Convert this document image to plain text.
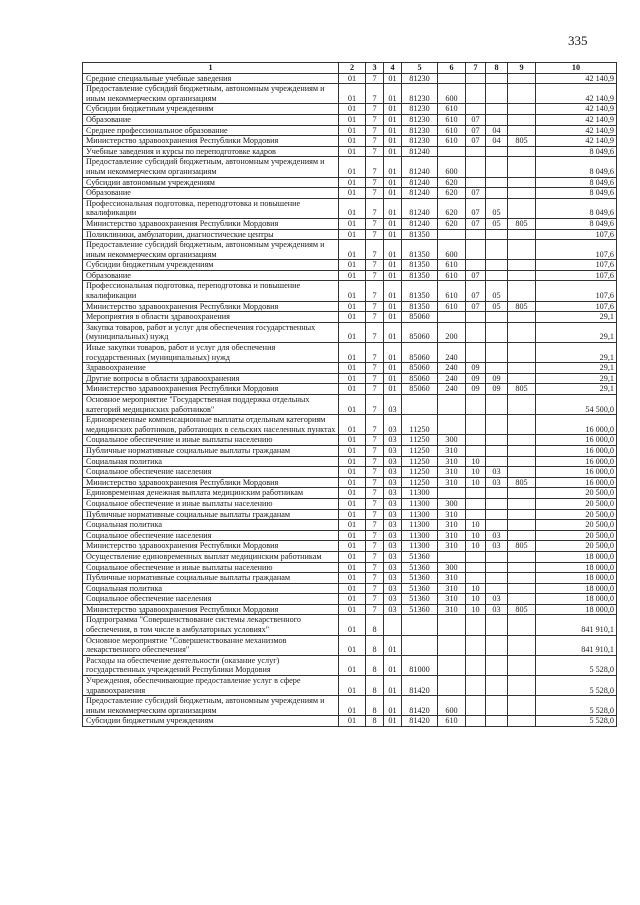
335
1	2	3	4	5	6	7	8	9	10
Средние специальные учебные заведения	01	7	01	81230					42 140,9
Предоставление субсидий бюджетным, автономным учреждениям и иным некоммерческим организациям	01	7	01	81230	600				42 140,9
Субсидии бюджетным учреждениям	01	7	01	81230	610				42 140,9
Образование	01	7	01	81230	610	07			42 140,9
Среднее профессиональное образование	01	7	01	81230	610	07	04		42 140,9
Министерство здравоохранения Республики Мордовия	01	7	01	81230	610	07	04	805	42 140,9
Учебные заведения и курсы по переподготовке кадров	01	7	01	81240					8 049,6
Предоставление субсидий бюджетным, автономным учреждениям и иным некоммерческим организациям	01	7	01	81240	600				8 049,6
Субсидии автономным учреждениям	01	7	01	81240	620				8 049,6
Образование	01	7	01	81240	620	07			8 049,6
Профессиональная подготовка, переподготовка и повышение квалификации	01	7	01	81240	620	07	05		8 049,6
Министерство здравоохранения Республики Мордовия	01	7	01	81240	620	07	05	805	8 049,6
Поликлиники, амбулатории, диагностические центры	01	7	01	81350					107,6
Предоставление субсидий бюджетным, автономным учреждениям и иным некоммерческим организациям	01	7	01	81350	600				107,6
Субсидии бюджетным учреждениям	01	7	01	81350	610				107,6
Образование	01	7	01	81350	610	07			107,6
Профессиональная подготовка, переподготовка и повышение квалификации	01	7	01	81350	610	07	05		107,6
Министерство здравоохранения Республики Мордовия	01	7	01	81350	610	07	05	805	107,6
Мероприятия в области здравоохранения	01	7	01	85060					29,1
Закупка товаров, работ и услуг для обеспечения государственных (муниципальных) нужд	01	7	01	85060	200				29,1
Иные закупки товаров, работ и услуг для обеспечения государственных (муниципальных) нужд	01	7	01	85060	240				29,1
Здравоохранение	01	7	01	85060	240	09			29,1
Другие вопросы в области здравоохранения	01	7	01	85060	240	09	09		29,1
Министерство здравоохранения Республики Мордовия	01	7	01	85060	240	09	09	805	29,1
Основное мероприятие "Государственная поддержка отдельных категорий медицинских работников"	01	7	03						54 500,0
Единовременные компенсационные выплаты отдельным категориям медицинских работников, работающих в сельских населенных пунктах	01	7	03	11250					16 000,0
Социальное обеспечение и иные выплаты населению	01	7	03	11250	300				16 000,0
Публичные нормативные социальные выплаты гражданам	01	7	03	11250	310				16 000,0
Социальная политика	01	7	03	11250	310	10			16 000,0
Социальное обеспечение населения	01	7	03	11250	310	10	03		16 000,0
Министерство здравоохранения Республики Мордовия	01	7	03	11250	310	10	03	805	16 000,0
Единовременная денежная выплата медицинским работникам	01	7	03	11300					20 500,0
Социальное обеспечение и иные выплаты населению	01	7	03	11300	300				20 500,0
Публичные нормативные социальные выплаты гражданам	01	7	03	11300	310				20 500,0
Социальная политика	01	7	03	11300	310	10			20 500,0
Социальное обеспечение населения	01	7	03	11300	310	10	03		20 500,0
Министерство здравоохранения Республики Мордовия	01	7	03	11300	310	10	03	805	20 500,0
Осуществление единовременных выплат медицинским работникам	01	7	03	51360					18 000,0
Социальное обеспечение и иные выплаты населению	01	7	03	51360	300				18 000,0
Публичные нормативные социальные выплаты гражданам	01	7	03	51360	310				18 000,0
Социальная политика	01	7	03	51360	310	10			18 000,0
Социальное обеспечение населения	01	7	03	51360	310	10	03		18 000,0
Министерство здравоохранения Республики Мордовия	01	7	03	51360	310	10	03	805	18 000,0
Подпрограмма "Совершенствование системы лекарственного обеспечения, в том числе в амбулаторных условиях"	01	8							841 910,1
Основное мероприятие "Совершенствование механизмов лекарственного обеспечения"	01	8	01						841 910,1
Расходы на обеспечение деятельности (оказание услуг) государственных учреждений Республики Мордовия	01	8	01	81000					5 528,0
Учреждения, обеспечивающие предоставление услуг в сфере здравоохранения	01	8	01	81420					5 528,0
Предоставление субсидий бюджетным, автономным учреждениям и иным некоммерческим организациям	01	8	01	81420	600				5 528,0
Субсидии бюджетным учреждениям	01	8	01	81420	610				5 528,0
